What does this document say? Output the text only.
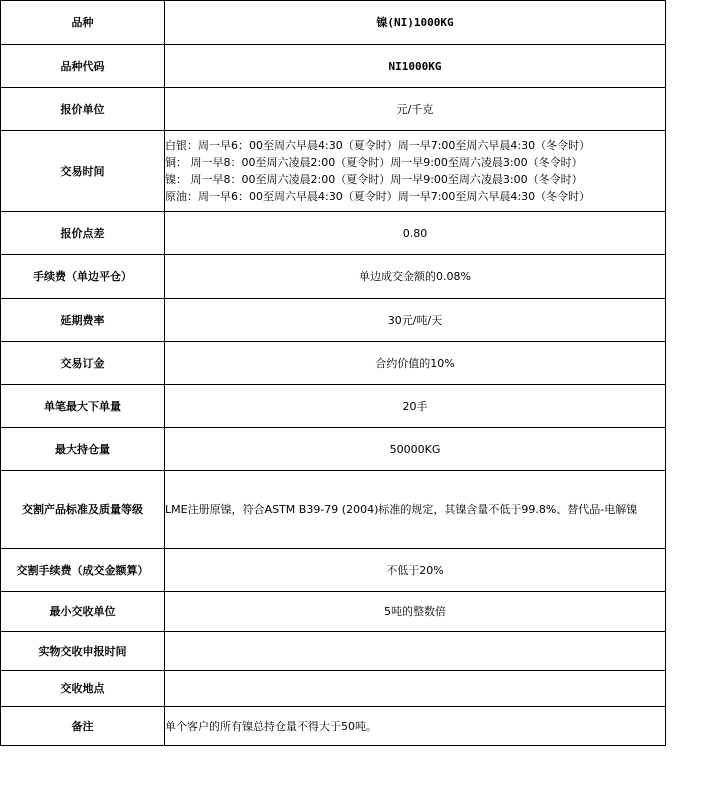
品种	镍(NI)1000KG
品种代码	NI1000KG
报价单位	元/千克
交易时间	白银：周一早6：00至周六早晨4:30（夏令时）周一早7:00至周六早晨4:30（冬令时）
铜： 周一早8：00至周六凌晨2:00（夏令时）周一早9:00至周六凌晨3:00（冬令时）
镍： 周一早8：00至周六凌晨2:00（夏令时）周一早9:00至周六凌晨3:00（冬令时）
原油：周一早6：00至周六早晨4:30（夏令时）周一早7:00至周六早晨4:30（冬令时）

报价点差	0.80
手续费（单边平仓）	单边成交金额的0.08%
延期费率	30元/吨/天
交易订金	合约价值的10%
单笔最大下单量	20手
最大持仓量	50000KG
交割产品标准及质量等级	LME注册原镍，符合ASTM B39-79 (2004)标准的规定，其镍含量不低于99.8%、替代品-电解镍
交割手续费（成交金额算）	不低于20%
最小交收单位	5吨的整数倍
实物交收申报时间	
交收地点	
备注	单个客户的所有镍总持仓量不得大于50吨。
